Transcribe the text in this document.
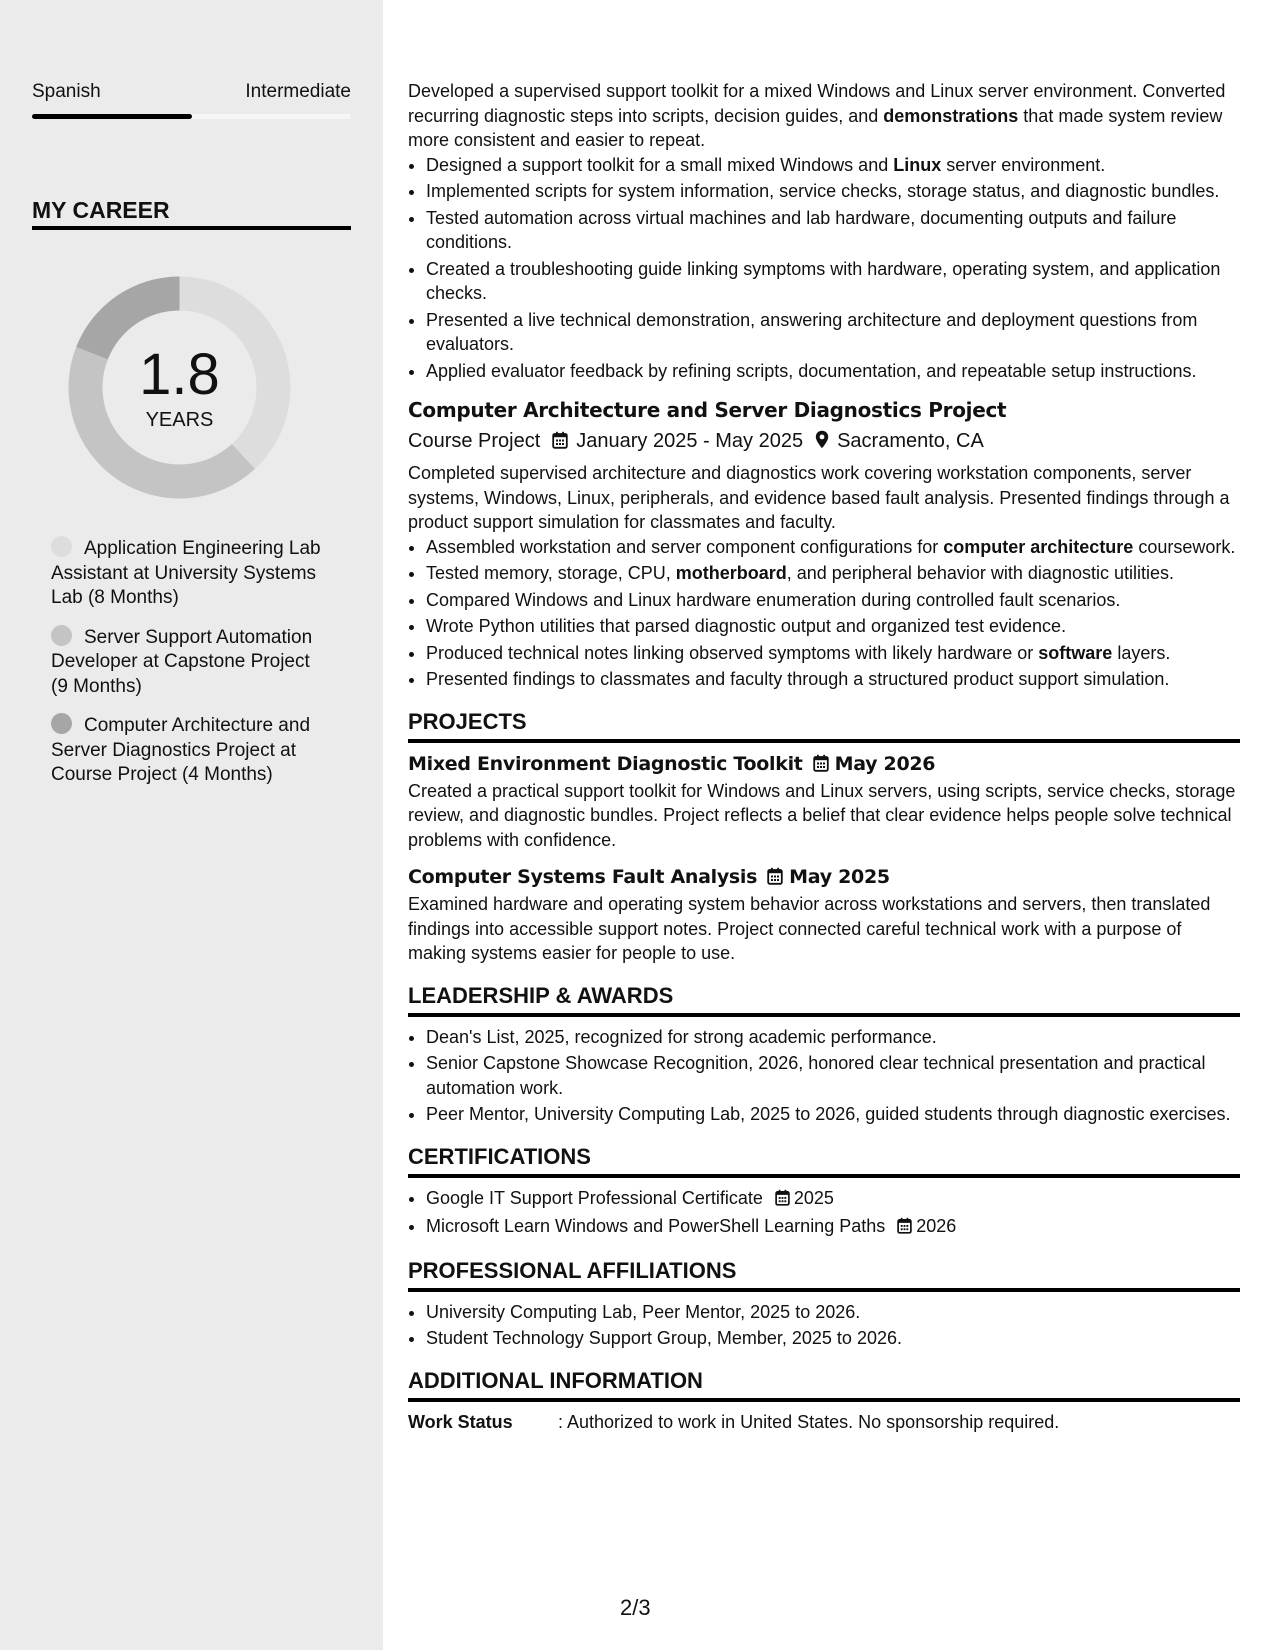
Spanish	Intermediate
MY CAREER
1.8
YEARS
Application Engineering Lab Assistant at University Systems Lab (8 Months)
Server Support Automation Developer at Capstone Project (9 Months)
Computer Architecture and Server Diagnostics Project at Course Project (4 Months)

Developed a supervised support toolkit for a mixed Windows and Linux server environment. Converted recurring diagnostic steps into scripts, decision guides, and demonstrations that made system review more consistent and easier to repeat.

• Designed a support toolkit for a small mixed Windows and Linux server environment.
• Implemented scripts for system information, service checks, storage status, and diagnostic bundles.
• Tested automation across virtual machines and lab hardware, documenting outputs and failure conditions.
• Created a troubleshooting guide linking symptoms with hardware, operating system, and application checks.
• Presented a live technical demonstration, answering architecture and deployment questions from evaluators.
• Applied evaluator feedback by refining scripts, documentation, and repeatable setup instructions.
Computer Architecture and Server Diagnostics Project
Course Project January 2025 - May 2025 Sacramento, CA

Completed supervised architecture and diagnostics work covering workstation components, server systems, Windows, Linux, peripherals, and evidence based fault analysis. Presented findings through a product support simulation for classmates and faculty.

• Assembled workstation and server component configurations for computer architecture coursework.
• Tested memory, storage, CPU, motherboard, and peripheral behavior with diagnostic utilities.
• Compared Windows and Linux hardware enumeration during controlled fault scenarios.
• Wrote Python utilities that parsed diagnostic output and organized test evidence.
• Produced technical notes linking observed symptoms with likely hardware or software layers.
• Presented findings to classmates and faculty through a structured product support simulation.
PROJECTS
Mixed Environment Diagnostic Toolkit May 2026

Created a practical support toolkit for Windows and Linux servers, using scripts, service checks, storage review, and diagnostic bundles. Project reflects a belief that clear evidence helps people solve technical problems with confidence.

Computer Systems Fault Analysis May 2025

Examined hardware and operating system behavior across workstations and servers, then translated findings into accessible support notes. Project connected careful technical work with a purpose of making systems easier for people to use.

LEADERSHIP & AWARDS
• Dean's List, 2025, recognized for strong academic performance.
• Senior Capstone Showcase Recognition, 2026, honored clear technical presentation and practical automation work.
• Peer Mentor, University Computing Lab, 2025 to 2026, guided students through diagnostic exercises.
CERTIFICATIONS
• Google IT Support Professional Certificate 2025
• Microsoft Learn Windows and PowerShell Learning Paths 2026
PROFESSIONAL AFFILIATIONS
• University Computing Lab, Peer Mentor, 2025 to 2026.
• Student Technology Support Group, Member, 2025 to 2026.
ADDITIONAL INFORMATION

Work Status	: Authorized to work in United States. No sponsorship required.

2/3
